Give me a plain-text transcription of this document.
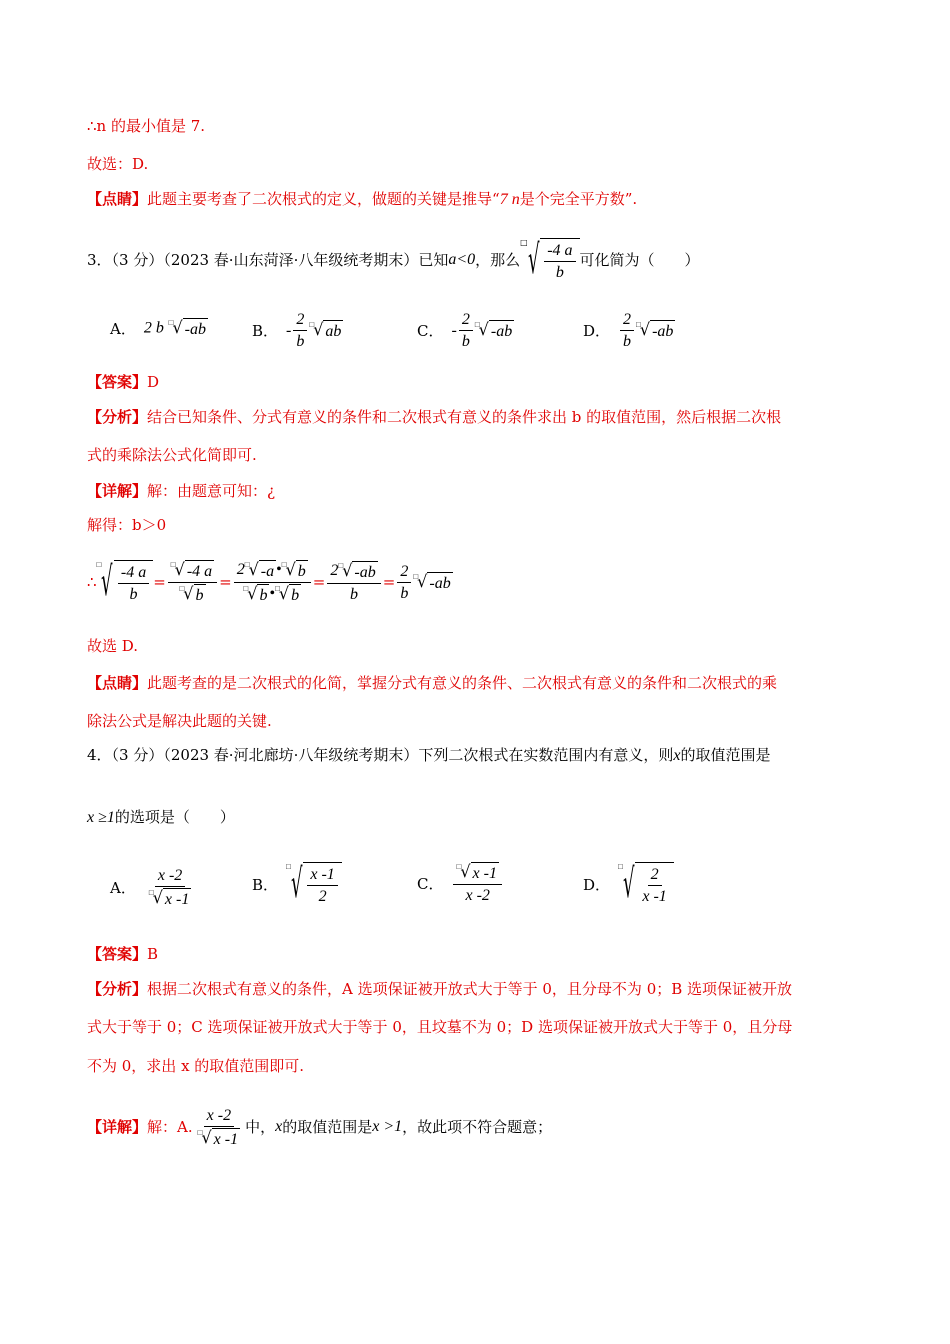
∴n 的最小值是 7.
故选：D.
【点睛】此题主要考查了二次根式的定义，做题的关键是推导“7 n是个完全平方数”.
3．（3 分）（2023 春·山东菏泽·八年级统考期末）已知 a<0 ，那么
□ √ $\frac{-4 a}{b}$ 可化简为（　　）
A． 2 b □ √ -ab	B． - $\frac{2}{b}$ □ √ ab	C． - $\frac{2}{b}$ □ √ -ab	D． $\frac{2}{b}$ □ √ -ab
【答案】D
【分析】结合已知条件、分式有意义的条件和二次根式有意义的条件求出 b 的取值范围，然后根据二次根
式的乘除法公式化简即可.
【详解】解：由题意可知：¿
解得：b＞0
∴
□ √ $\frac{-4 a}{b} = \frac{□ √ -4 a}{□ √ b} = \frac{2 □ √ -a • □ √ b}{□ √ b • □ √ b} = \frac{2 □ √ -ab}{b} = \frac{2}{b}$ □ √ -ab
故选 D.
【点睛】此题考查的是二次根式的化简，掌握分式有意义的条件、二次根式有意义的条件和二次根式的乘
除法公式是解决此题的关键.
4．（3 分）（2023 春·河北廊坊·八年级统考期末）下列二次根式在实数范围内有意义，则x的取值范围是
x ≥1的选项是（　　）
A． $\frac{x -2}{□ √ x -1}$	B．
□ √ $\frac{x -1}{2}$	C． $\frac{□ √ x -1}{x -2}$	D．
□ √ $\frac{2}{x -1}$
【答案】B
【分析】根据二次根式有意义的条件，A 选项保证被开放式大于等于 0，且分母不为 0；B 选项保证被开放
式大于等于 0；C 选项保证被开放式大于等于 0，且坟墓不为 0；D 选项保证被开放式大于等于 0，且分母
不为 0，求出 x 的取值范围即可.
【详解】 解：A. $\frac{x -2}{□ √ x -1}$ 中， x 的取值范围是 x >1 ，故此项不符合题意；
